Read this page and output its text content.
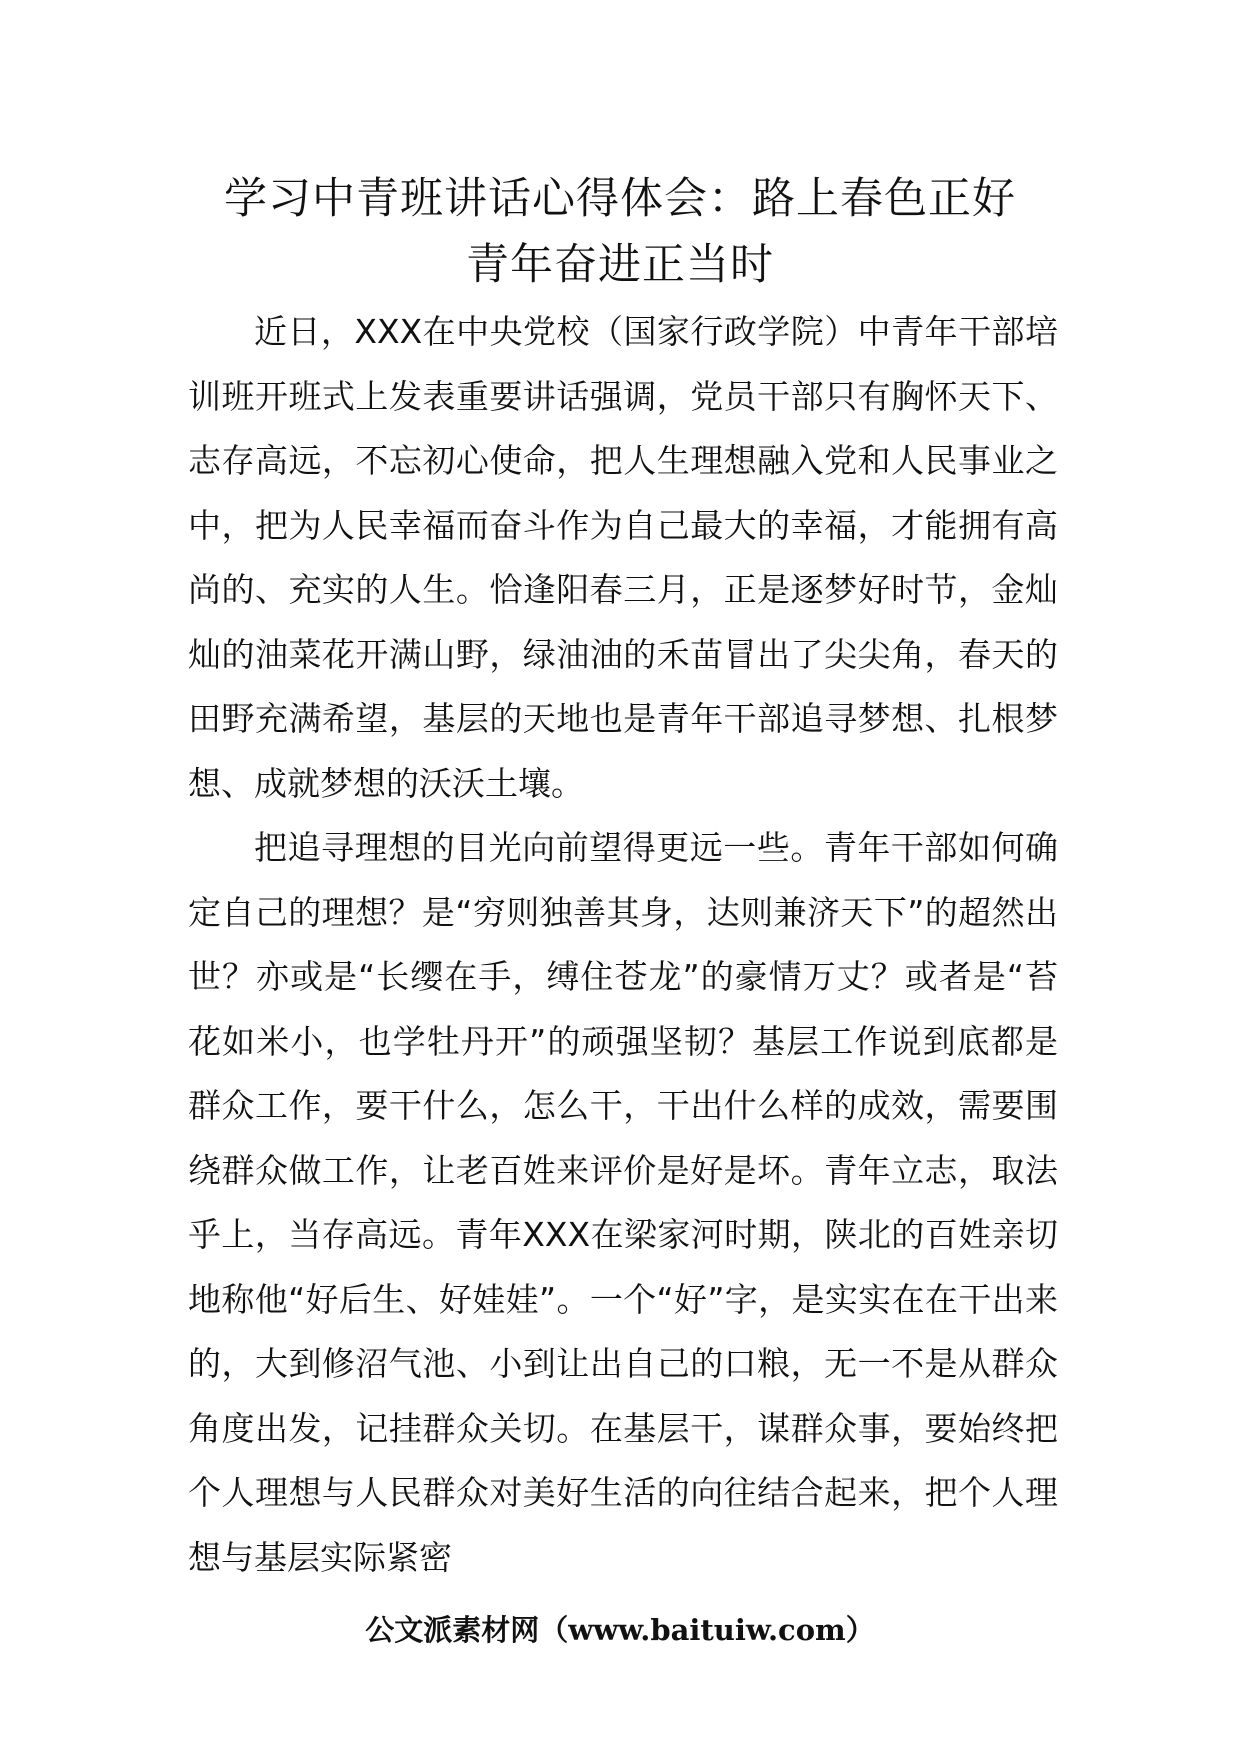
学习中青班讲话心得体会：路上春色正好
青年奋进正当时

近日，XXX在中央党校（国家行政学院）中青年干部培训班开班式上发表重要讲话强调，党员干部只有胸怀天下、志存高远，不忘初心使命，把人生理想融入党和人民事业之中，把为人民幸福而奋斗作为自己最大的幸福，才能拥有高尚的、充实的人生。恰逢阳春三月，正是逐梦好时节，金灿灿的油菜花开满山野，绿油油的禾苗冒出了尖尖角，春天的田野充满希望，基层的天地也是青年干部追寻梦想、扎根梦想、成就梦想的沃沃土壤。

把追寻理想的目光向前望得更远一些。青年干部如何确定自己的理想？是“穷则独善其身，达则兼济天下”的超然出世？亦或是“长缨在手，缚住苍龙”的豪情万丈？或者是“苔花如米小，也学牡丹开”的顽强坚韧？基层工作说到底都是群众工作，要干什么，怎么干，干出什么样的成效，需要围绕群众做工作，让老百姓来评价是好是坏。青年立志，取法乎上，当存高远。青年XXX在梁家河时期，陕北的百姓亲切地称他“好后生、好娃娃”。一个“好”字，是实实在在干出来的，大到修沼气池、小到让出自己的口粮，无一不是从群众角度出发，记挂群众关切。在基层干，谋群众事，要始终把个人理想与人民群众对美好生活的向往结合起来，把个人理想与基层实际紧密

公文派素材网（www.baituiw.com）
